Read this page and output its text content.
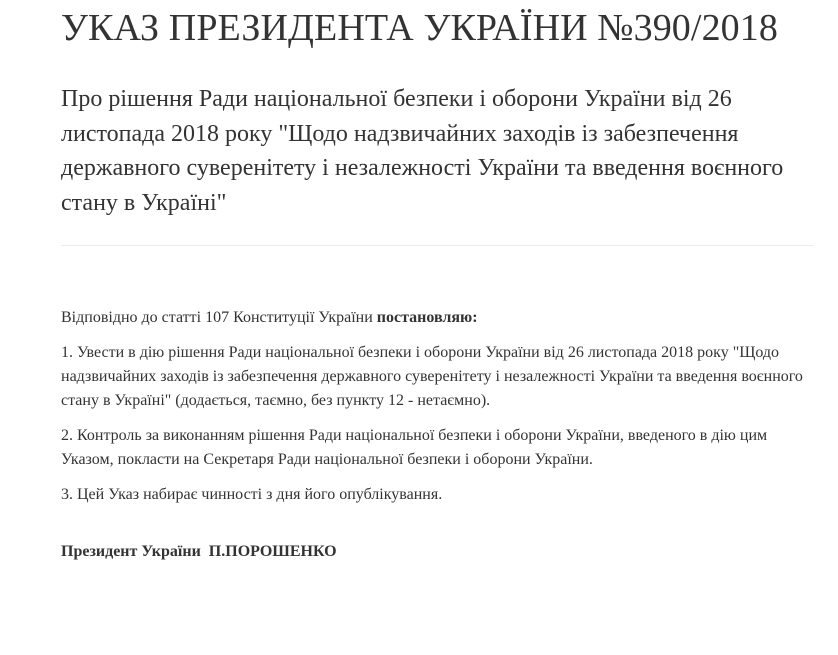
УКАЗ ПРЕЗИДЕНТА УКРАЇНИ №390/2018
Про рішення Ради національної безпеки і оборони України від 26 листопада 2018 року "Щодо надзвичайних заходів із забезпечення державного суверенітету і незалежності України та введення воєнного стану в Україні"

Відповідно до статті 107 Конституції України постановляю:

1. Увести в дію рішення Ради національної безпеки і оборони України від 26 листопада 2018 року "Щодо надзвичайних заходів із забезпечення державного суверенітету і незалежності України та введення воєнного стану в Україні" (додається, таємно, без пункту 12 - нетаємно).

2. Контроль за виконанням рішення Ради національної безпеки і оборони України, введеного в дію цим Указом, покласти на Секретаря Ради національної безпеки і оборони України.

3. Цей Указ набирає чинності з дня його опублікування.

Президент України  П.ПОРОШЕНКО
